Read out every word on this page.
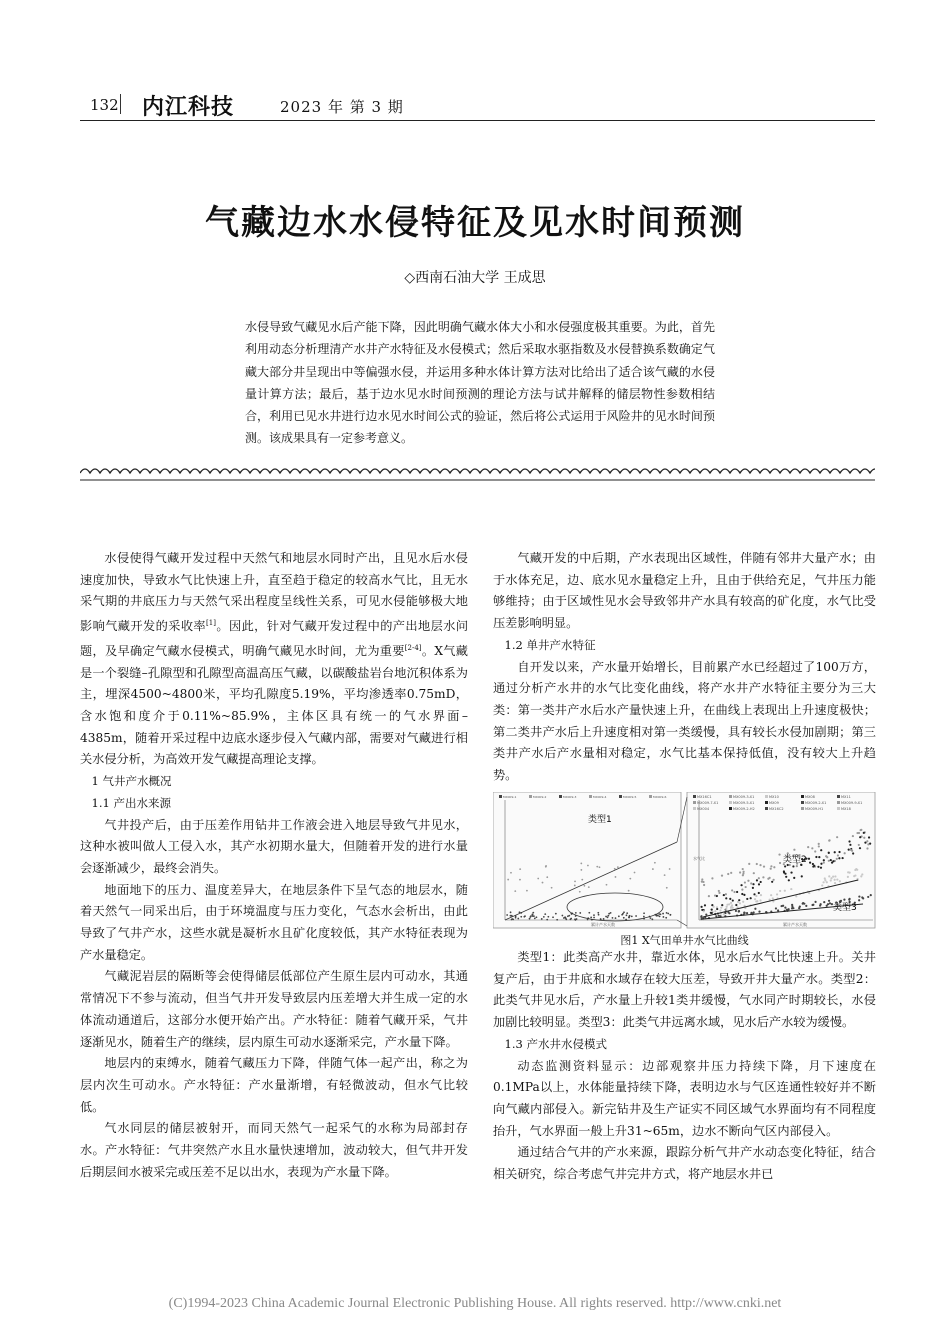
132 内江科技	2023 年 第 3 期
气藏边水水侵特征及见水时间预测
◇西南石油大学 王成思
水侵导致气藏见水后产能下降，因此明确气藏水体大小和水侵强度极其重要。为此，首先利用动态分析理清产水井产水特征及水侵模式；然后采取水驱指数及水侵替换系数确定气藏大部分井呈现出中等偏强水侵，并运用多种水体计算方法对比给出了适合该气藏的水侵量计算方法；最后，基于边水见水时间预测的理论方法与试井解释的储层物性参数相结合，利用已见水井进行边水见水时间公式的验证，然后将公式运用于风险井的见水时间预测。该成果具有一定参考意义。

水侵使得气藏开发过程中天然气和地层水同时产出，且见水后水侵速度加快，导致水气比快速上升，直至趋于稳定的较高水气比，且无水采气期的井底压力与天然气采出程度呈线性关系，可见水侵能够极大地影响气藏开发的采收率[1]。因此，针对气藏开发过程中的产出地层水问题，及早确定气藏水侵模式，明确气藏见水时间，尤为重要[2-4]。X气藏是一个裂缝–孔隙型和孔隙型高温高压气藏，以碳酸盐岩台地沉积体系为主，埋深4500~4800米，平均孔隙度5.19%，平均渗透率0.75mD，含水饱和度介于0.11%~85.9%，主体区具有统一的气水界面–4385m，随着开采过程中边底水逐步侵入气藏内部，需要对气藏进行相关水侵分析，为高效开发气藏提高理论支撑。

1 气井产水概况

1.1 产出水来源

气井投产后，由于压差作用钻井工作液会进入地层导致气井见水，这种水被叫做人工侵入水，其产水初期水量大，但随着开发的进行水量会逐渐减少，最终会消失。

地面地下的压力、温度差异大，在地层条件下呈气态的地层水，随着天然气一同采出后，由于环境温度与压力变化，气态水会析出，由此导致了气井产水，这些水就是凝析水且矿化度较低，其产水特征表现为产水量稳定。

气藏泥岩层的隔断等会使得储层低部位产生原生层内可动水，其通常情况下不参与流动，但当气井开发导致层内压差增大并生成一定的水体流动通道后，这部分水便开始产出。产水特征：随着气藏开采，气井逐渐见水，随着生产的继续，层内原生可动水逐渐采完，产水量下降。

地层内的束缚水，随着气藏压力下降，伴随气体一起产出，称之为层内次生可动水。产水特征：产水量渐增，有轻微波动，但水气比较低。

气水同层的储层被射开，而同天然气一起采气的水称为局部封存水。产水特征：气井突然产水且水量快速增加，波动较大，但气井开发后期层间水被采完或压差不足以出水，表现为产水量下降。

气藏开发的中后期，产水表现出区域性，伴随有邻井大量产水；由于水体充足，边、底水见水量稳定上升，且由于供给充足，气井压力能够维持；由于区域性见水会导致邻井产水具有较高的矿化度，水气比受压差影响明显。

1.2 单井产水特征

自开发以来，产水量开始增长，目前累产水已经超过了100万方，通过分析产水井的水气比变化曲线，将产水井产水特征主要分为三大类：第一类井产水后水产量快速上升，在曲线上表现出上升速度极快；第二类井产水后上升速度相对第一类缓慢，具有较长水侵加剧期；第三类井产水后产水量相对稳定，水气比基本保持低值，没有较大上升趋势。

MX009-1	MX009-2	MX009-3	MX009-4	MX009-5	MX009-6	MX16C1	MX009-3-X1	MX10	MX08	MX11
MX009-7-X1	MX009-5-X1	MX09	MX009-2-X1	MX009-9-X1
MX004	MX009-2-H2	MX16C2	MX009-H1	MX18
类型1
类型2
类型3
累计产水天数	累计产水天数
水气比
图1 X气田单井水气比曲线

类型1：此类高产水井，靠近水体，见水后水气比快速上升。关井复产后，由于井底和水域存在较大压差，导致开井大量产水。类型2：此类气井见水后，产水量上升较1类井缓慢，气水同产时期较长，水侵加剧比较明显。类型3：此类气井远离水域，见水后产水较为缓慢。

1.3 产水井水侵模式

动态监测资料显示：边部观察井压力持续下降，月下速度在0.1MPa以上，水体能量持续下降，表明边水与气区连通性较好并不断向气藏内部侵入。新完钻井及生产证实不同区域气水界面均有不同程度抬升，气水界面一般上升31~65m，边水不断向气区内部侵入。

通过结合气井的产水来源，跟踪分析气井产水动态变化特征，结合相关研究，综合考虑气井完井方式，将产地层水井已

(C)1994-2023 China Academic Journal Electronic Publishing House. All rights reserved. http://www.cnki.net
